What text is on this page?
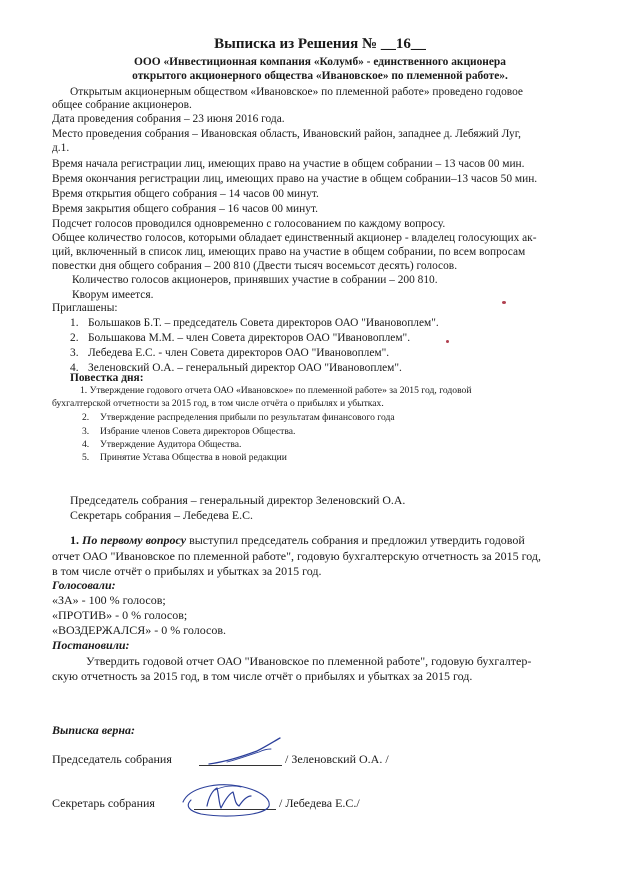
Выписка из Решения № __16__
ООО «Инвестиционная компания «Колумб» - единственного акционера
открытого акционерного общества «Ивановское» по племенной работе».
Открытым акционерным обществом «Ивановское» по племенной работе» проведено годовое
общее собрание акционеров.
Дата проведения собрания – 23 июня 2016 года.
Место проведения собрания – Ивановская область, Ивановский район, западнее д. Лебяжий Луг,
д.1.
Время начала регистрации лиц, имеющих право на участие в общем собрании – 13 часов 00 мин.
Время окончания регистрации лиц, имеющих право на участие в общем собрании–13 часов 50 мин.
Время открытия общего собрания – 14 часов 00 минут.
Время закрытия общего собрания – 16 часов 00 минут.
Подсчет голосов проводился одновременно с голосованием по каждому вопросу.
Общее количество голосов, которыми обладает единственный акционер - владелец голосующих ак-
ций, включенный в список лиц, имеющих право на участие в общем собрании, по всем вопросам
повестки дня общего собрания – 200 810 (Двести тысяч восемьсот десять) голосов.
Количество голосов акционеров, принявших участие в собрании – 200 810.
Кворум имеется.
Приглашены:
1. Большаков Б.Т. – председатель Совета директоров ОАО "Ивановоплем".
2. Большакова М.М. – член Совета директоров ОАО "Ивановоплем".
3. Лебедева Е.С. - член Совета директоров ОАО "Ивановоплем".
4. Зеленовский О.А. – генеральный директор ОАО "Ивановоплем".
Повестка дня:
1. Утверждение годового отчета ОАО «Ивановское» по племенной работе» за 2015 год, годовой
бухгалтерской отчетности за 2015 год, в том числе отчёта о прибылях и убытках.
2. Утверждение распределения прибыли по результатам финансового года
3. Избрание членов Совета директоров Общества.
4. Утверждение Аудитора Общества.
5. Принятие Устава Общества в новой редакции
Председатель собрания – генеральный директор Зеленовский О.А.
Секретарь собрания – Лебедева Е.С.
1. По первому вопросу выступил председатель собрания и предложил утвердить годовой
отчет ОАО "Ивановское по племенной работе", годовую бухгалтерскую отчетность за 2015 год,
в том числе отчёт о прибылях и убытках за 2015 год.
Голосовали:
«ЗА» - 100 % голосов;
«ПРОТИВ» - 0 % голосов;
«ВОЗДЕРЖАЛСЯ» - 0 % голосов.
Постановили:
Утвердить годовой отчет ОАО "Ивановское по племенной работе", годовую бухгалтер-
скую отчетность за 2015 год, в том числе отчёт о прибылях и убытках за 2015 год.
Выписка верна:
Председатель собрания	/ Зеленовский О.А. /
Секретарь собрания	/ Лебедева Е.С./
